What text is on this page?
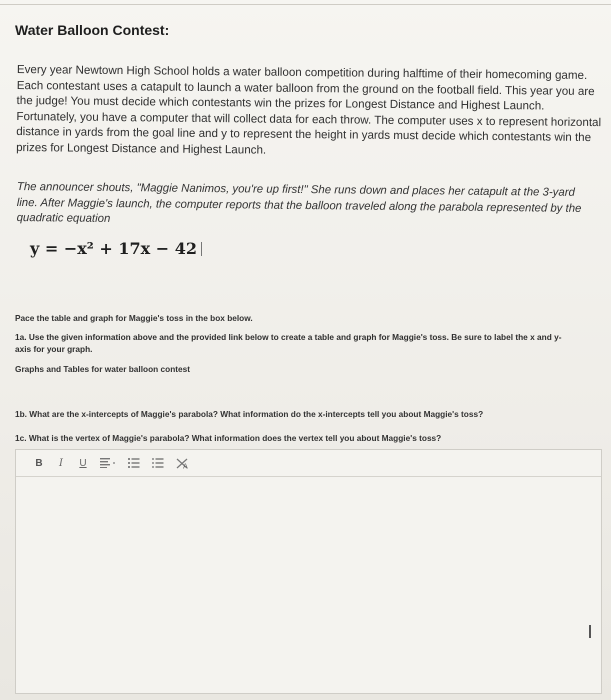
Water Balloon Contest:
Every year Newtown High School holds a water balloon competition during halftime of their homecoming game. Each contestant uses a catapult to launch a water balloon from the ground on the football field. This year you are the judge! You must decide which contestants win the prizes for Longest Distance and Highest Launch. Fortunately, you have a computer that will collect data for each throw. The computer uses x to represent horizontal distance in yards from the goal line and y to represent the height in yards must decide which contestants win the prizes for Longest Distance and Highest Launch.
The announcer shouts, "Maggie Nanimos, you're up first!" She runs down and places her catapult at the 3-yard line. After Maggie's launch, the computer reports that the balloon traveled along the parabola represented by the quadratic equation
y = −x² + 17x − 42
Pace the table and graph for Maggie's toss in the box below.
1a. Use the given information above and the provided link below to create a table and graph for Maggie's toss. Be sure to label the x and y-axis for your graph.
Graphs and Tables for water balloon contest
1b. What are the x-intercepts of Maggie's parabola? What information do the x-intercepts tell you about Maggie's toss?
1c. What is the vertex of Maggie's parabola? What information does the vertex tell you about Maggie's toss?
B	I	U	A
